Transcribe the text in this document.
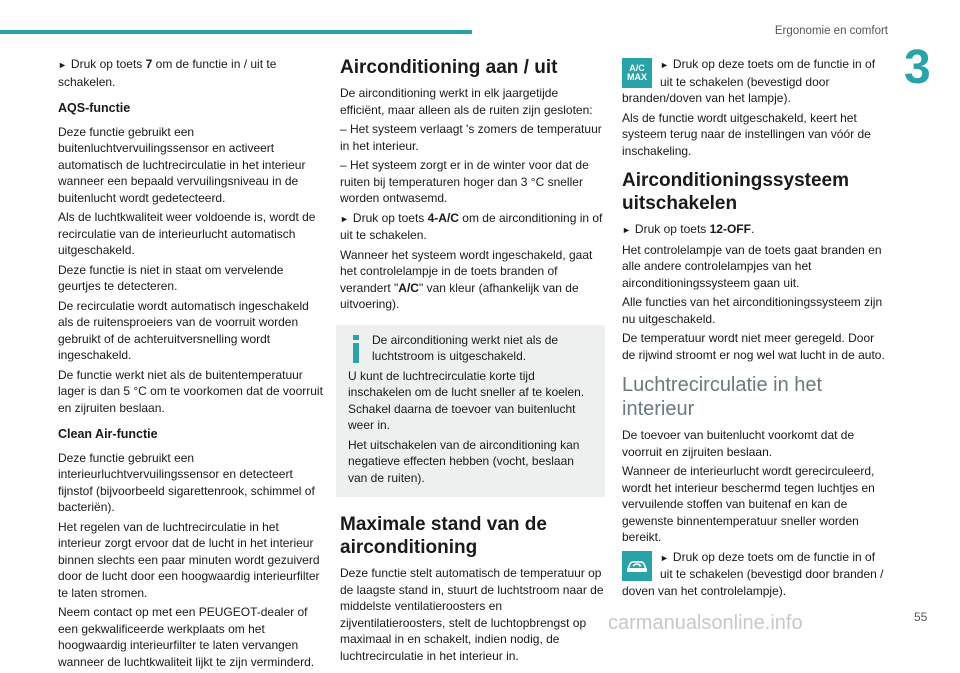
Ergonomie en comfort
3

► Druk op toets 7 om de functie in / uit te schakelen.

AQS-functie

Deze functie gebruikt een buitenluchtvervuilingssensor en activeert automatisch de luchtrecirculatie in het interieur wanneer een bepaald vervuilingsniveau in de buitenlucht wordt gedetecteerd.

Als de luchtkwaliteit weer voldoende is, wordt de recirculatie van de interieurlucht automatisch uitgeschakeld.

Deze functie is niet in staat om vervelende geurtjes te detecteren.

De recirculatie wordt automatisch ingeschakeld als de ruitensproeiers van de voorruit worden gebruikt of de achteruitversnelling wordt ingeschakeld.

De functie werkt niet als de buitentemperatuur lager is dan 5 °C om te voorkomen dat de voorruit en zijruiten beslaan.

Clean Air-functie

Deze functie gebruikt een interieurluchtvervuilingssensor en detecteert fijnstof (bijvoorbeeld sigarettenrook, schimmel of bacteriën).

Het regelen van de luchtrecirculatie in het interieur zorgt ervoor dat de lucht in het interieur binnen slechts een paar minuten wordt gezuiverd door de lucht door een hoogwaardig interieurfilter te laten stromen.

Neem contact op met een PEUGEOT-dealer of een gekwalificeerde werkplaats om het hoogwaardig interieurfilter te laten vervangen wanneer de luchtkwaliteit lijkt te zijn verminderd.

Airconditioning aan / uit

De airconditioning werkt in elk jaargetijde efficiënt, maar alleen als de ruiten zijn gesloten:

– Het systeem verlaagt 's zomers de temperatuur in het interieur.

– Het systeem zorgt er in de winter voor dat de ruiten bij temperaturen hoger dan 3 °C sneller worden ontwasemd.

► Druk op toets 4-A/C om de airconditioning in of uit te schakelen.

Wanneer het systeem wordt ingeschakeld, gaat het controlelampje in de toets branden of verandert "A/C" van kleur (afhankelijk van de uitvoering).

De airconditioning werkt niet als de luchtstroom is uitgeschakeld.

U kunt de luchtrecirculatie korte tijd inschakelen om de lucht sneller af te koelen. Schakel daarna de toevoer van buitenlucht weer in.

Het uitschakelen van de airconditioning kan negatieve effecten hebben (vocht, beslaan van de ruiten).

Maximale stand van de airconditioning

Deze functie stelt automatisch de temperatuur op de laagste stand in, stuurt de luchtstroom naar de middelste ventilatieroosters en zijventilatieroosters, stelt de luchtopbrengst op maximaal in en schakelt, indien nodig, de luchtrecirculatie in het interieur in.

A/C
MAX

► Druk op deze toets om de functie in of uit te schakelen (bevestigd door branden/doven van het lampje).

Als de functie wordt uitgeschakeld, keert het systeem terug naar de instellingen van vóór de inschakeling.

Airconditioningssysteem uitschakelen

► Druk op toets 12-OFF.

Het controlelampje van de toets gaat branden en alle andere controlelampjes van het airconditioningssysteem gaan uit.

Alle functies van het airconditioningssysteem zijn nu uitgeschakeld.

De temperatuur wordt niet meer geregeld. Door de rijwind stroomt er nog wel wat lucht in de auto.

Luchtrecirculatie in het interieur

De toevoer van buitenlucht voorkomt dat de voorruit en zijruiten beslaan.

Wanneer de interieurlucht wordt gerecirculeerd, wordt het interieur beschermd tegen luchtjes en vervuilende stoffen van buitenaf en kan de gewenste binnentemperatuur sneller worden bereikt.

► Druk op deze toets om de functie in of uit te schakelen (bevestigd door branden / doven van het controlelampje).

carmanualsonline.info	55
